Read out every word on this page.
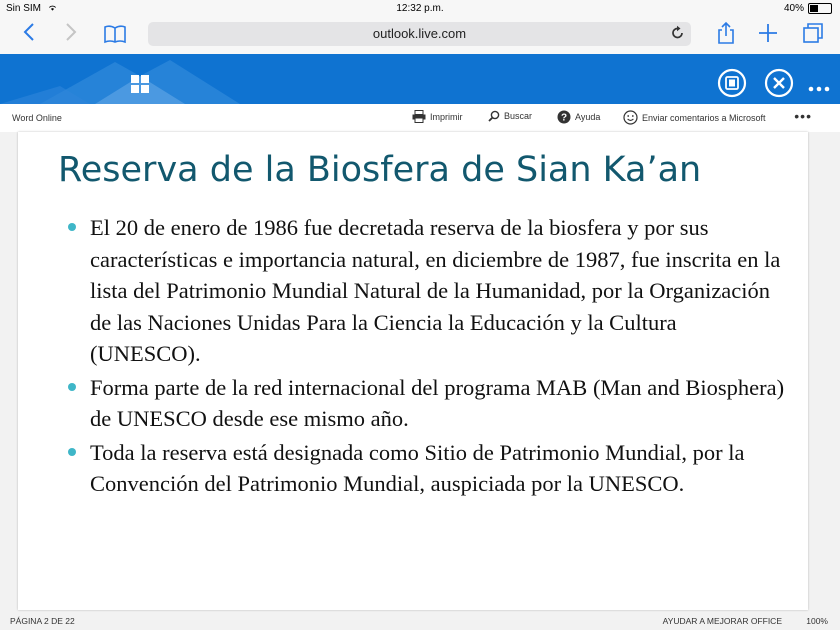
Sin SIM	12:32 p.m.	40%
outlook.live.com
Word Online	Imprimir	Buscar	? Ayuda	Enviar comentarios a Microsoft •••
Reserva de la Biosfera de Sian Ka’an
El 20 de enero de 1986 fue decretada reserva de la biosfera y por sus características e importancia natural, en diciembre de 1987, fue inscrita en la lista del Patrimonio Mundial Natural de la Humanidad, por la Organización de las Naciones Unidas Para la Ciencia la Educación y la Cultura (UNESCO).
Forma parte de la red internacional del programa MAB (Man and Biosphera) de UNESCO desde ese mismo año.
Toda la reserva está designada como Sitio de Patrimonio Mundial, por la Convención del Patrimonio Mundial, auspiciada por la UNESCO.
PÁGINA 2 DE 22	AYUDAR A MEJORAR OFFICE	100%
